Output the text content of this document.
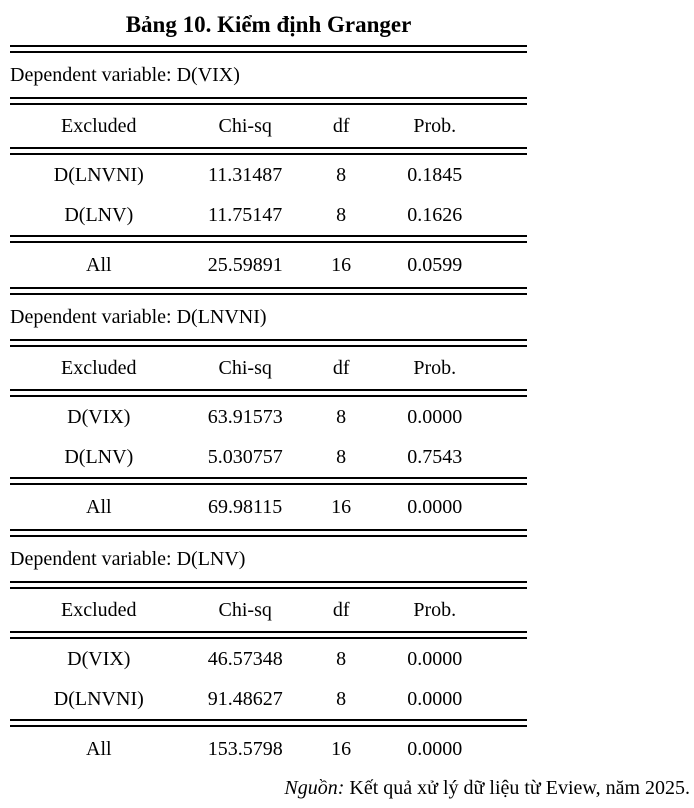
Bảng 10. Kiểm định Granger
Dependent variable: D(VIX)
Excluded	Chi-sq	df	Prob.
D(LNVNI)	11.31487	8	0.1845
D(LNV)	11.75147	8	0.1626
All	25.59891	16	0.0599
Dependent variable: D(LNVNI)
Excluded	Chi-sq	df	Prob.
D(VIX)	63.91573	8	0.0000
D(LNV)	5.030757	8	0.7543
All	69.98115	16	0.0000
Dependent variable: D(LNV)
Excluded	Chi-sq	df	Prob.
D(VIX)	46.57348	8	0.0000
D(LNVNI)	91.48627	8	0.0000
All	153.5798	16	0.0000
Nguồn: Kết quả xử lý dữ liệu từ Eview, năm 2025.
